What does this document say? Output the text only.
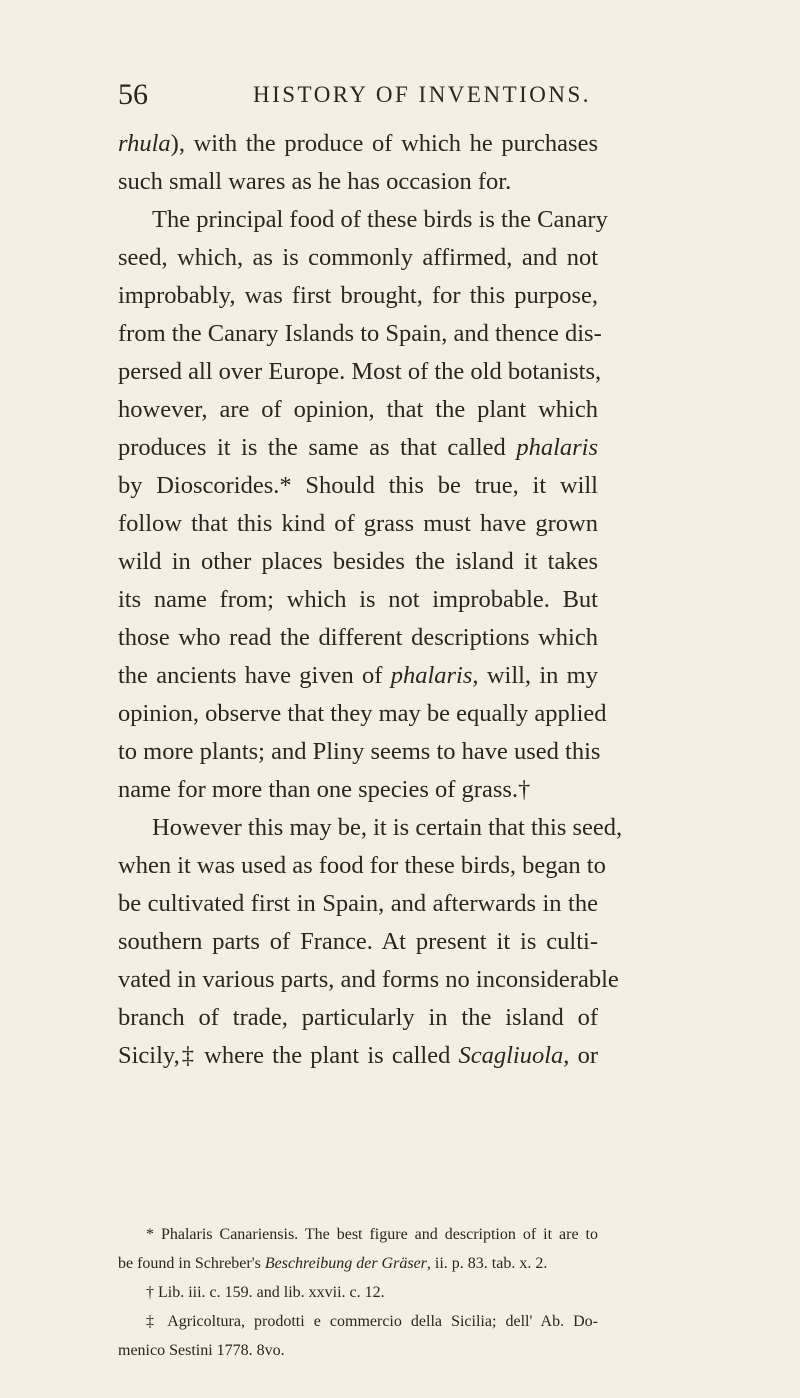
56	HISTORY OF INVENTIONS.
rhula), with the produce of which he purchases
such small wares as he has occasion for.
The principal food of these birds is the Canary
seed, which, as is commonly affirmed, and not
improbably, was first brought, for this purpose,
from the Canary Islands to Spain, and thence dis-
persed all over Europe. Most of the old botanists,
however, are of opinion, that the plant which
produces it is the same as that called phalaris
by Dioscorides.* Should this be true, it will
follow that this kind of grass must have grown
wild in other places besides the island it takes
its name from; which is not improbable. But
those who read the different descriptions which
the ancients have given of phalaris, will, in my
opinion, observe that they may be equally applied
to more plants; and Pliny seems to have used this
name for more than one species of grass.†
However this may be, it is certain that this seed,
when it was used as food for these birds, began to
be cultivated first in Spain, and afterwards in the
southern parts of France. At present it is culti-
vated in various parts, and forms no inconsiderable
branch of trade, particularly in the island of
Sicily,‡ where the plant is called Scagliuola, or
* Phalaris Canariensis. The best figure and description of it are to
be found in Schreber's Beschreibung der Gräser, ii. p. 83. tab. x. 2.
† Lib. iii. c. 159. and lib. xxvii. c. 12.
‡ Agricoltura, prodotti e commercio della Sicilia; dell' Ab. Do-
menico Sestini 1778. 8vo.
